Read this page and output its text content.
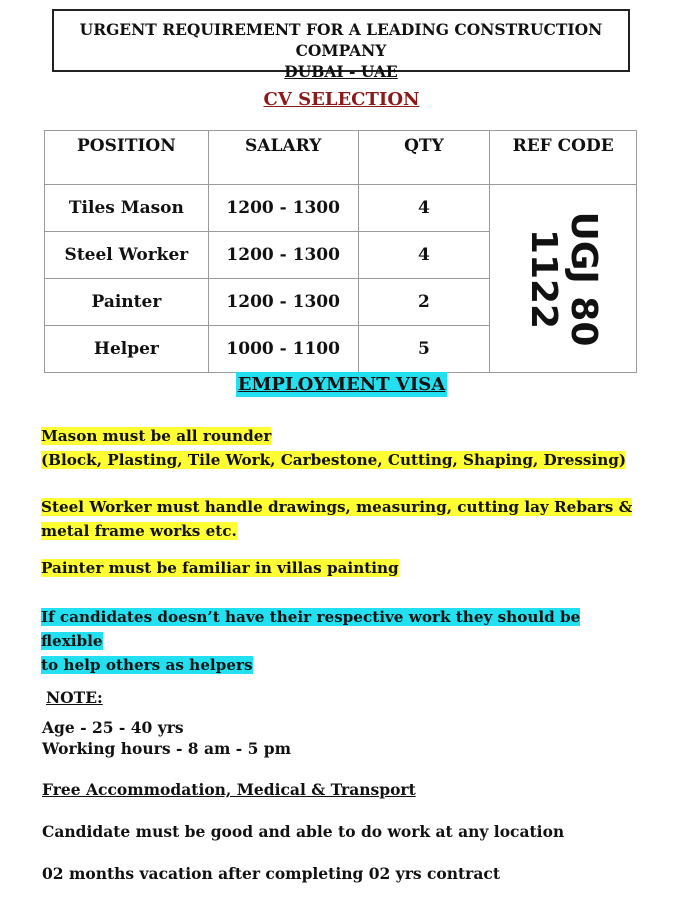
URGENT REQUIREMENT FOR A LEADING CONSTRUCTION COMPANY
DUBAI - UAE
CV SELECTION
POSITION	SALARY	QTY	REF CODE
Tiles Mason	1200 - 1300	4	UGJ 80
1122

Steel Worker	1200 - 1300	4	
Painter	1200 - 1300	2	
Helper	1000 - 1100	5	
EMPLOYMENT VISA
Mason must be all rounder
(Block, Plasting, Tile Work, Carbestone, Cutting, Shaping, Dressing)
Steel Worker must handle drawings, measuring, cutting lay Rebars &
metal frame works etc.
Painter must be familiar in villas painting
If candidates doesn’t have their respective work they should be flexible
to help others as helpers
NOTE:
Age - 25 - 40 yrs
Working hours - 8 am - 5 pm
Free Accommodation, Medical & Transport
Candidate must be good and able to do work at any location
02 months vacation after completing 02 yrs contract
